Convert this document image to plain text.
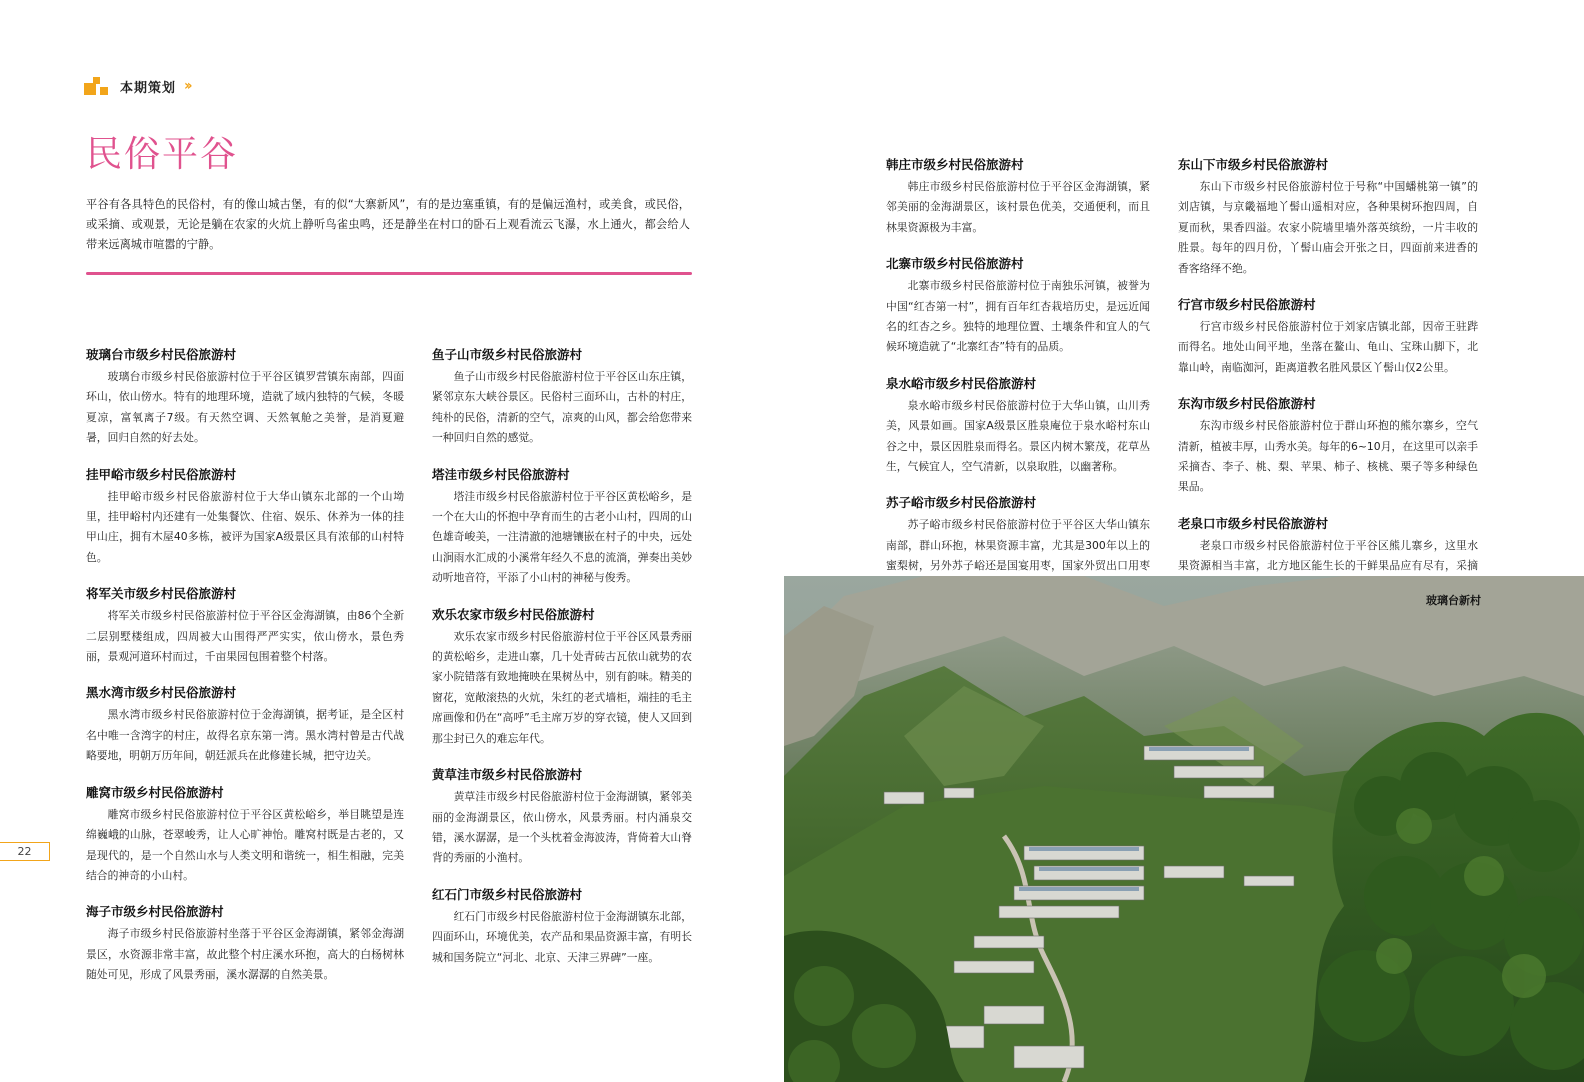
本期策划 ››
民俗平谷

平谷有各具特色的民俗村，有的像山城古堡，有的似“大寨新风”，有的是边塞重镇，有的是偏远渔村，或美食，或民俗，或采摘、或观景，无论是躺在农家的火炕上静听鸟雀虫鸣，还是静坐在村口的卧石上观看流云飞瀑，水上通火，都会给人带来远离城市喧嚣的宁静。

玻璃台市级乡村民俗旅游村

玻璃台市级乡村民俗旅游村位于平谷区镇罗营镇东南部，四面环山，依山傍水。特有的地理环境，造就了域内独特的气候，冬暖夏凉，富氧离子7级。有天然空调、天然氧舱之美誉，是消夏避暑，回归自然的好去处。

挂甲峪市级乡村民俗旅游村

挂甲峪市级乡村民俗旅游村位于大华山镇东北部的一个山坳里，挂甲峪村内还建有一处集餐饮、住宿、娱乐、休养为一体的挂甲山庄，拥有木屋40多栋，被评为国家A级景区具有浓郁的山村特色。

将军关市级乡村民俗旅游村

将军关市级乡村民俗旅游村位于平谷区金海湖镇，由86个全新二层别墅楼组成，四周被大山围得严严实实，依山傍水，景色秀丽，景观河道环村而过，千亩果园包围着整个村落。

黑水湾市级乡村民俗旅游村

黑水湾市级乡村民俗旅游村位于金海湖镇，据考证，是全区村名中唯一含湾字的村庄，故得名京东第一湾。黑水湾村曾是古代战略要地，明朝万历年间，朝廷派兵在此修建长城，把守边关。

雕窝市级乡村民俗旅游村

雕窝市级乡村民俗旅游村位于平谷区黄松峪乡，举目眺望是连绵巍峨的山脉，苍翠峻秀，让人心旷神怡。雕窝村既是古老的，又是现代的，是一个自然山水与人类文明和谐统一，相生相融，完美结合的神奇的小山村。

海子市级乡村民俗旅游村

海子市级乡村民俗旅游村坐落于平谷区金海湖镇，紧邻金海湖景区，水资源非常丰富，故此整个村庄溪水环抱，高大的白杨树林随处可见，形成了风景秀丽，溪水潺潺的自然美景。

鱼子山市级乡村民俗旅游村

鱼子山市级乡村民俗旅游村位于平谷区山东庄镇，紧邻京东大峡谷景区。民俗村三面环山，古朴的村庄，纯朴的民俗，清新的空气，凉爽的山风，都会给您带来一种回归自然的感觉。

塔洼市级乡村民俗旅游村

塔洼市级乡村民俗旅游村位于平谷区黄松峪乡，是一个在大山的怀抱中孕育而生的古老小山村，四周的山色雄奇峻美，一注清澈的池塘镶嵌在村子的中央，远处山涧雨水汇成的小溪常年经久不息的流淌，弹奏出美妙动听地音符，平添了小山村的神秘与俊秀。

欢乐农家市级乡村民俗旅游村

欢乐农家市级乡村民俗旅游村位于平谷区风景秀丽的黄松峪乡，走进山寨，几十处青砖古瓦依山就势的农家小院错落有致地掩映在果树丛中，别有韵味。精美的窗花，宽敞滚热的火炕，朱红的老式墙柜，端挂的毛主席画像和仍在“高呼”毛主席万岁的穿衣镜，使人又回到那尘封已久的难忘年代。

黄草洼市级乡村民俗旅游村

黄草洼市级乡村民俗旅游村位于金海湖镇，紧邻美丽的金海湖景区，依山傍水，风景秀丽。村内涌泉交错，溪水潺潺，是一个头枕着金海波涛，背倚着大山脊背的秀丽的小渔村。

红石门市级乡村民俗旅游村

红石门市级乡村民俗旅游村位于金海湖镇东北部，四面环山，环境优美，农产品和果品资源丰富，有明长城和国务院立“河北、北京、天津三界碑”一座。

韩庄市级乡村民俗旅游村

韩庄市级乡村民俗旅游村位于平谷区金海湖镇，紧邻美丽的金海湖景区，该村景色优美，交通便利，而且林果资源极为丰富。

北寨市级乡村民俗旅游村

北寨市级乡村民俗旅游村位于南独乐河镇，被誉为中国“红杏第一村”，拥有百年红杏栽培历史，是远近闻名的红杏之乡。独特的地理位置、土壤条件和宜人的气候环境造就了“北寨红杏”特有的品质。

泉水峪市级乡村民俗旅游村

泉水峪市级乡村民俗旅游村位于大华山镇，山川秀美，风景如画。国家A级景区胜泉庵位于泉水峪村东山谷之中，景区因胜泉而得名。景区内树木繁茂，花草丛生，气候宜人，空气清新，以泉取胜，以幽著称。

苏子峪市级乡村民俗旅游村

苏子峪市级乡村民俗旅游村位于平谷区大华山镇东南部，群山环抱，林果资源丰富，尤其是300年以上的蜜梨树，另外苏子峪还是国宴用枣，国家外贸出口用枣

东山下市级乡村民俗旅游村

东山下市级乡村民俗旅游村位于号称“中国蟠桃第一镇”的刘店镇，与京畿福地丫髻山遥相对应，各种果树环抱四周，自夏而秋，果香四溢。农家小院墙里墙外落英缤纷，一片丰收的胜景。每年的四月份，丫髻山庙会开张之日，四面前来进香的香客络绎不绝。

行宫市级乡村民俗旅游村

行宫市级乡村民俗旅游村位于刘家店镇北部，因帝王驻跸而得名。地处山间平地，坐落在鳌山、龟山、宝珠山脚下，北靠山岭，南临洳河，距离道教名胜风景区丫髻山仅2公里。

东沟市级乡村民俗旅游村

东沟市级乡村民俗旅游村位于群山环抱的熊尔寨乡，空气清新，植被丰厚，山秀水美。每年的6~10月，在这里可以亲手采摘杏、李子、桃、梨、苹果、柿子、核桃、栗子等多种绿色果品。

老泉口市级乡村民俗旅游村

老泉口市级乡村民俗旅游村位于平谷区熊儿寨乡，这里水果资源相当丰富，北方地区能生长的干鲜果品应有尽有，采摘

22
玻璃台新村
